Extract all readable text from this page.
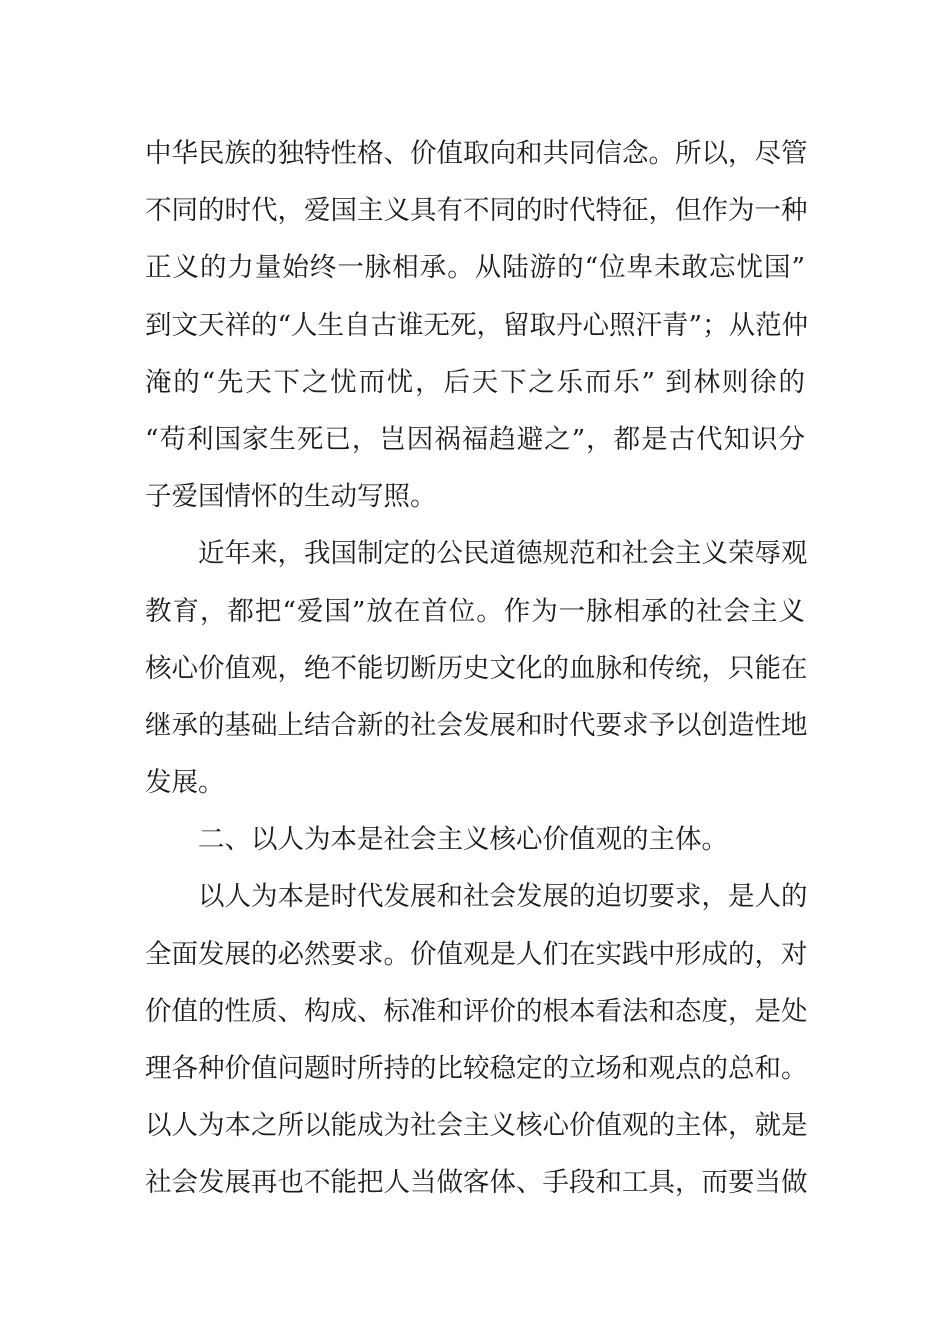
中华民族的独特性格、价值取向和共同信念。所以，尽管
不同的时代，爱国主义具有不同的时代特征，但作为一种
正义的力量始终一脉相承。从陆游的“位卑未敢忘忧国”
到文天祥的“人生自古谁无死，留取丹心照汗青”；从范仲
淹的“先天下之忧而忧，后天下之乐而乐” 到林则徐的
“苟利国家生死已，岂因祸福趋避之”，都是古代知识分
子爱国情怀的生动写照。
近年来，我国制定的公民道德规范和社会主义荣辱观
教育，都把“爱国”放在首位。作为一脉相承的社会主义
核心价值观，绝不能切断历史文化的血脉和传统，只能在
继承的基础上结合新的社会发展和时代要求予以创造性地
发展。
二、以人为本是社会主义核心价值观的主体。
以人为本是时代发展和社会发展的迫切要求，是人的
全面发展的必然要求。价值观是人们在实践中形成的，对
价值的性质、构成、标准和评价的根本看法和态度，是处
理各种价值问题时所持的比较稳定的立场和观点的总和。
以人为本之所以能成为社会主义核心价值观的主体，就是
社会发展再也不能把人当做客体、手段和工具，而要当做
